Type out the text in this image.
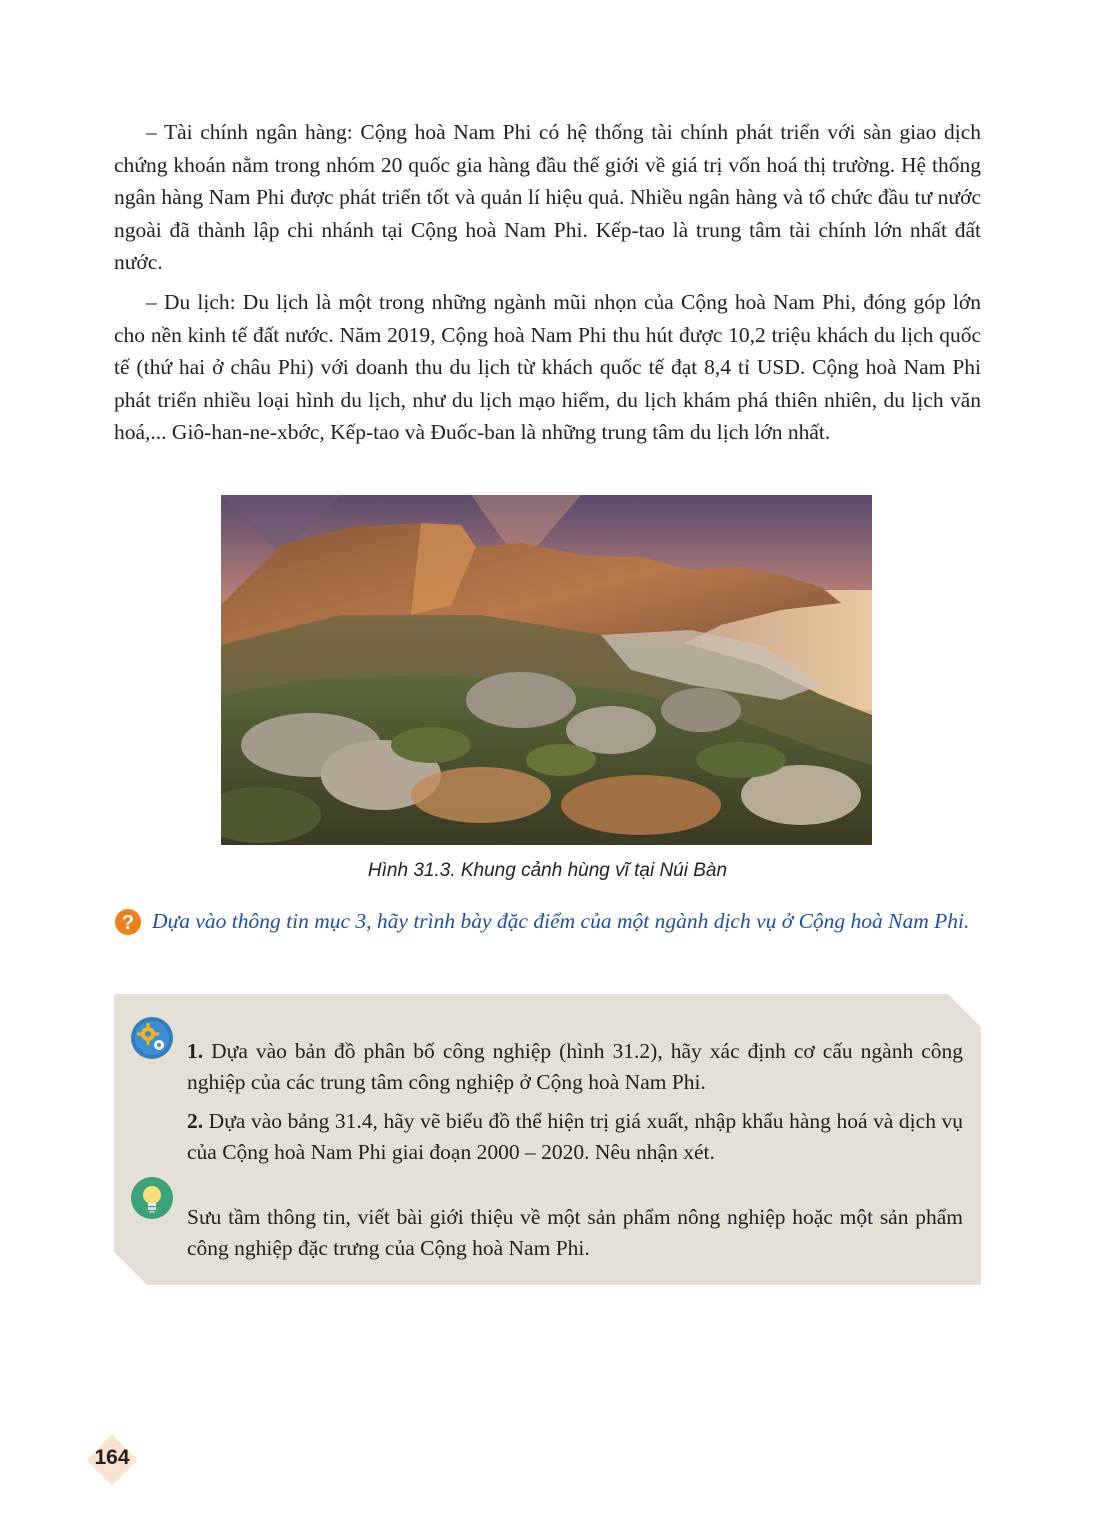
– Tài chính ngân hàng: Cộng hoà Nam Phi có hệ thống tài chính phát triển với sàn giao dịch chứng khoán nằm trong nhóm 20 quốc gia hàng đầu thế giới về giá trị vốn hoá thị trường. Hệ thống ngân hàng Nam Phi được phát triển tốt và quản lí hiệu quả. Nhiều ngân hàng và tổ chức đầu tư nước ngoài đã thành lập chi nhánh tại Cộng hoà Nam Phi. Kếp-tao là trung tâm tài chính lớn nhất đất nước.

– Du lịch: Du lịch là một trong những ngành mũi nhọn của Cộng hoà Nam Phi, đóng góp lớn cho nền kinh tế đất nước. Năm 2019, Cộng hoà Nam Phi thu hút được 10,2 triệu khách du lịch quốc tế (thứ hai ở châu Phi) với doanh thu du lịch từ khách quốc tế đạt 8,4 tỉ USD. Cộng hoà Nam Phi phát triển nhiều loại hình du lịch, như du lịch mạo hiểm, du lịch khám phá thiên nhiên, du lịch văn hoá,... Giô-han-ne-xbớc, Kếp-tao và Đuốc-ban là những trung tâm du lịch lớn nhất.

Hình 31.3. Khung cảnh hùng vĩ tại Núi Bàn
? Dựa vào thông tin mục 3, hãy trình bày đặc điểm của một ngành dịch vụ ở Cộng hoà Nam Phi.

1. Dựa vào bản đồ phân bố công nghiệp (hình 31.2), hãy xác định cơ cấu ngành công nghiệp của các trung tâm công nghiệp ở Cộng hoà Nam Phi.

2. Dựa vào bảng 31.4, hãy vẽ biểu đồ thể hiện trị giá xuất, nhập khẩu hàng hoá và dịch vụ của Cộng hoà Nam Phi giai đoạn 2000 – 2020. Nêu nhận xét.

Sưu tầm thông tin, viết bài giới thiệu về một sản phẩm nông nghiệp hoặc một sản phẩm công nghiệp đặc trưng của Cộng hoà Nam Phi.

164
